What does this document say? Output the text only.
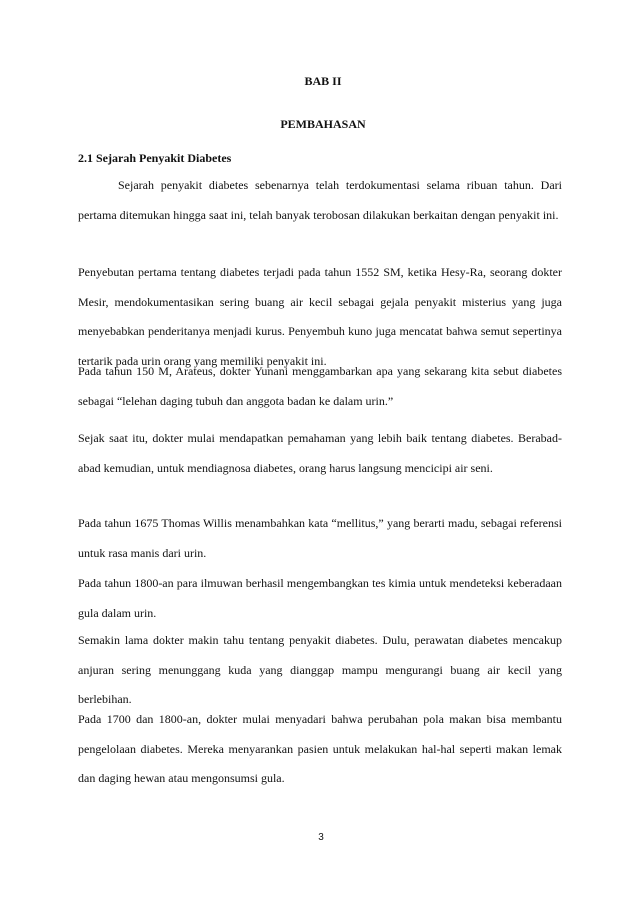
BAB II
PEMBAHASAN
2.1 Sejarah Penyakit Diabetes
Sejarah penyakit diabetes sebenarnya telah terdokumentasi selama ribuan tahun. Dari pertama ditemukan hingga saat ini, telah banyak terobosan dilakukan berkaitan dengan penyakit ini.
Penyebutan pertama tentang diabetes terjadi pada tahun 1552 SM, ketika Hesy-Ra, seorang dokter Mesir, mendokumentasikan sering buang air kecil sebagai gejala penyakit misterius yang juga menyebabkan penderitanya menjadi kurus. Penyembuh kuno juga mencatat bahwa semut sepertinya tertarik pada urin orang yang memiliki penyakit ini.
Pada tahun 150 M, Arateus, dokter Yunani menggambarkan apa yang sekarang kita sebut diabetes sebagai “lelehan daging tubuh dan anggota badan ke dalam urin.”
Sejak saat itu, dokter mulai mendapatkan pemahaman yang lebih baik tentang diabetes. Berabad-abad kemudian, untuk mendiagnosa diabetes, orang harus langsung mencicipi air seni.
Pada tahun 1675 Thomas Willis menambahkan kata “mellitus,” yang berarti madu, sebagai referensi untuk rasa manis dari urin.
Pada tahun 1800-an para ilmuwan berhasil mengembangkan tes kimia untuk mendeteksi keberadaan gula dalam urin.
Semakin lama dokter makin tahu tentang penyakit diabetes. Dulu, perawatan diabetes mencakup anjuran sering menunggang kuda yang dianggap mampu mengurangi buang air kecil yang berlebihan.
Pada 1700 dan 1800-an, dokter mulai menyadari bahwa perubahan pola makan bisa membantu pengelolaan diabetes. Mereka menyarankan pasien untuk melakukan hal-hal seperti makan lemak dan daging hewan atau mengonsumsi gula.
3
